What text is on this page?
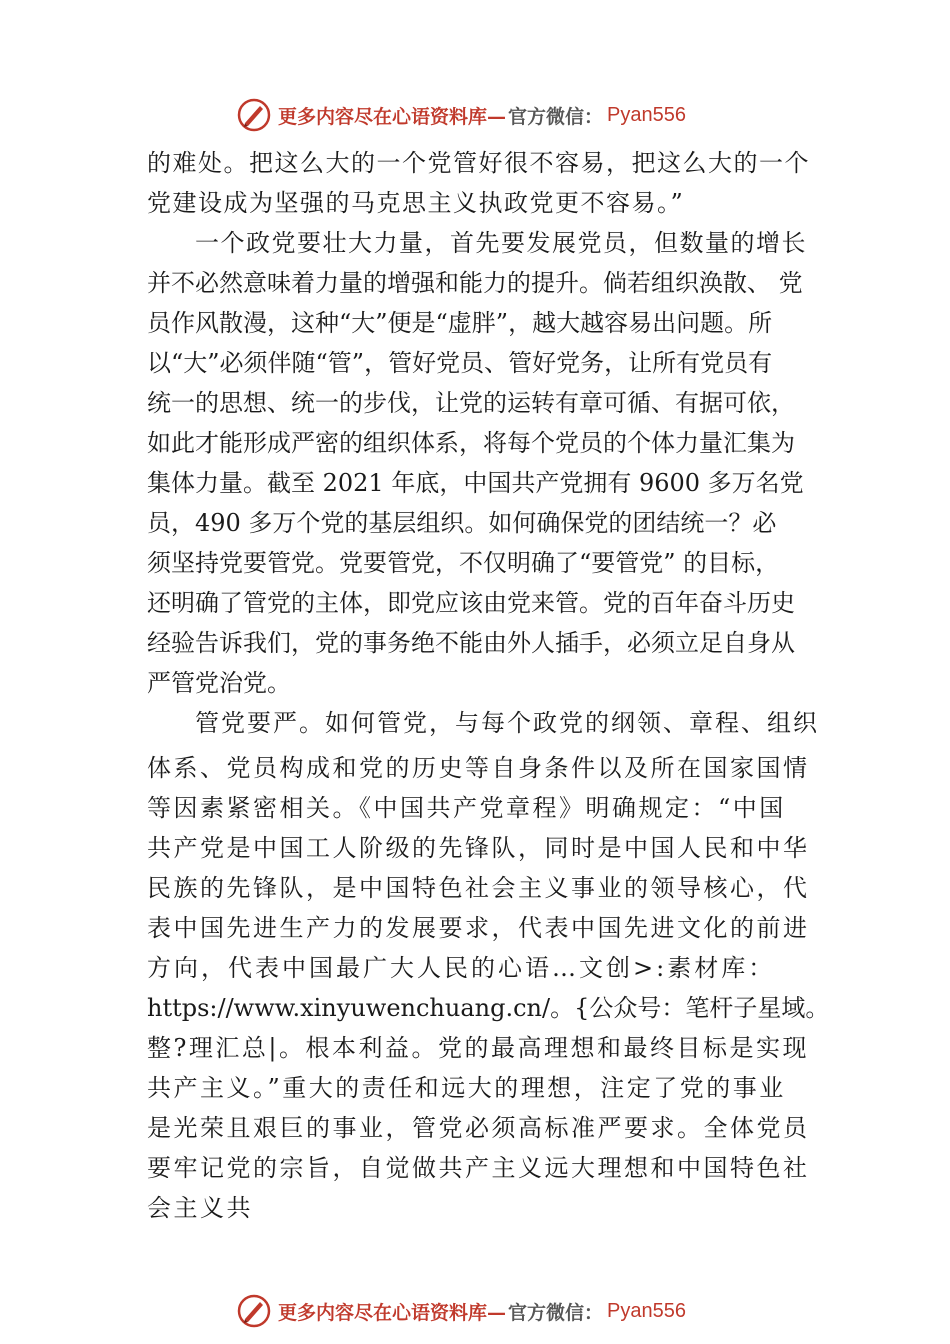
更多内容尽在心语资料库— 官方微信： Pyan556
的难处。把这么大的一个党管好很不容易，把这么大的一个
党建设成为坚强的马克思主义执政党更不容易。”
一个政党要壮大力量，首先要发展党员，但数量的增长
并不必然意味着力量的增强和能力的提升。倘若组织涣散、 党
员作风散漫，这种“大”便是“虚胖”，越大越容易出问题。所
以“大”必须伴随“管”，管好党员、管好党务，让所有党员有
统一的思想、统一的步伐，让党的运转有章可循、有据可依，
如此才能形成严密的组织体系，将每个党员的个体力量汇集为
集体力量。截至 2021 年底，中国共产党拥有 9600 多万名党
员，490 多万个党的基层组织。如何确保党的团结统一？必
须坚持党要管党。党要管党，不仅明确了“要管党” 的目标，
还明确了管党的主体，即党应该由党来管。党的百年奋斗历史
经验告诉我们，党的事务绝不能由外人插手，必须立足自身从
严管党治党。
管党要严。如何管党，与每个政党的纲领、章程、组织
体系、党员构成和党的历史等自身条件以及所在国家国情
等因素紧密相关。《中国共产党章程》明确规定：“中国
共产党是中国工人阶级的先锋队，同时是中国人民和中华
民族的先锋队，是中国特色社会主义事业的领导核心，代
表中国先进生产力的发展要求，代表中国先进文化的前进
方向，代表中国最广大人民的心语…文创>:素材库：
https://www.xinyuwenchuang.cn/。{公众号：笔杆子星域。
整?理汇总|。根本利益。党的最高理想和最终目标是实现
共产主义。”重大的责任和远大的理想，注定了党的事业
是光荣且艰巨的事业，管党必须高标准严要求。全体党员
要牢记党的宗旨，自觉做共产主义远大理想和中国特色社
会主义共
更多内容尽在心语资料库— 官方微信： Pyan556
